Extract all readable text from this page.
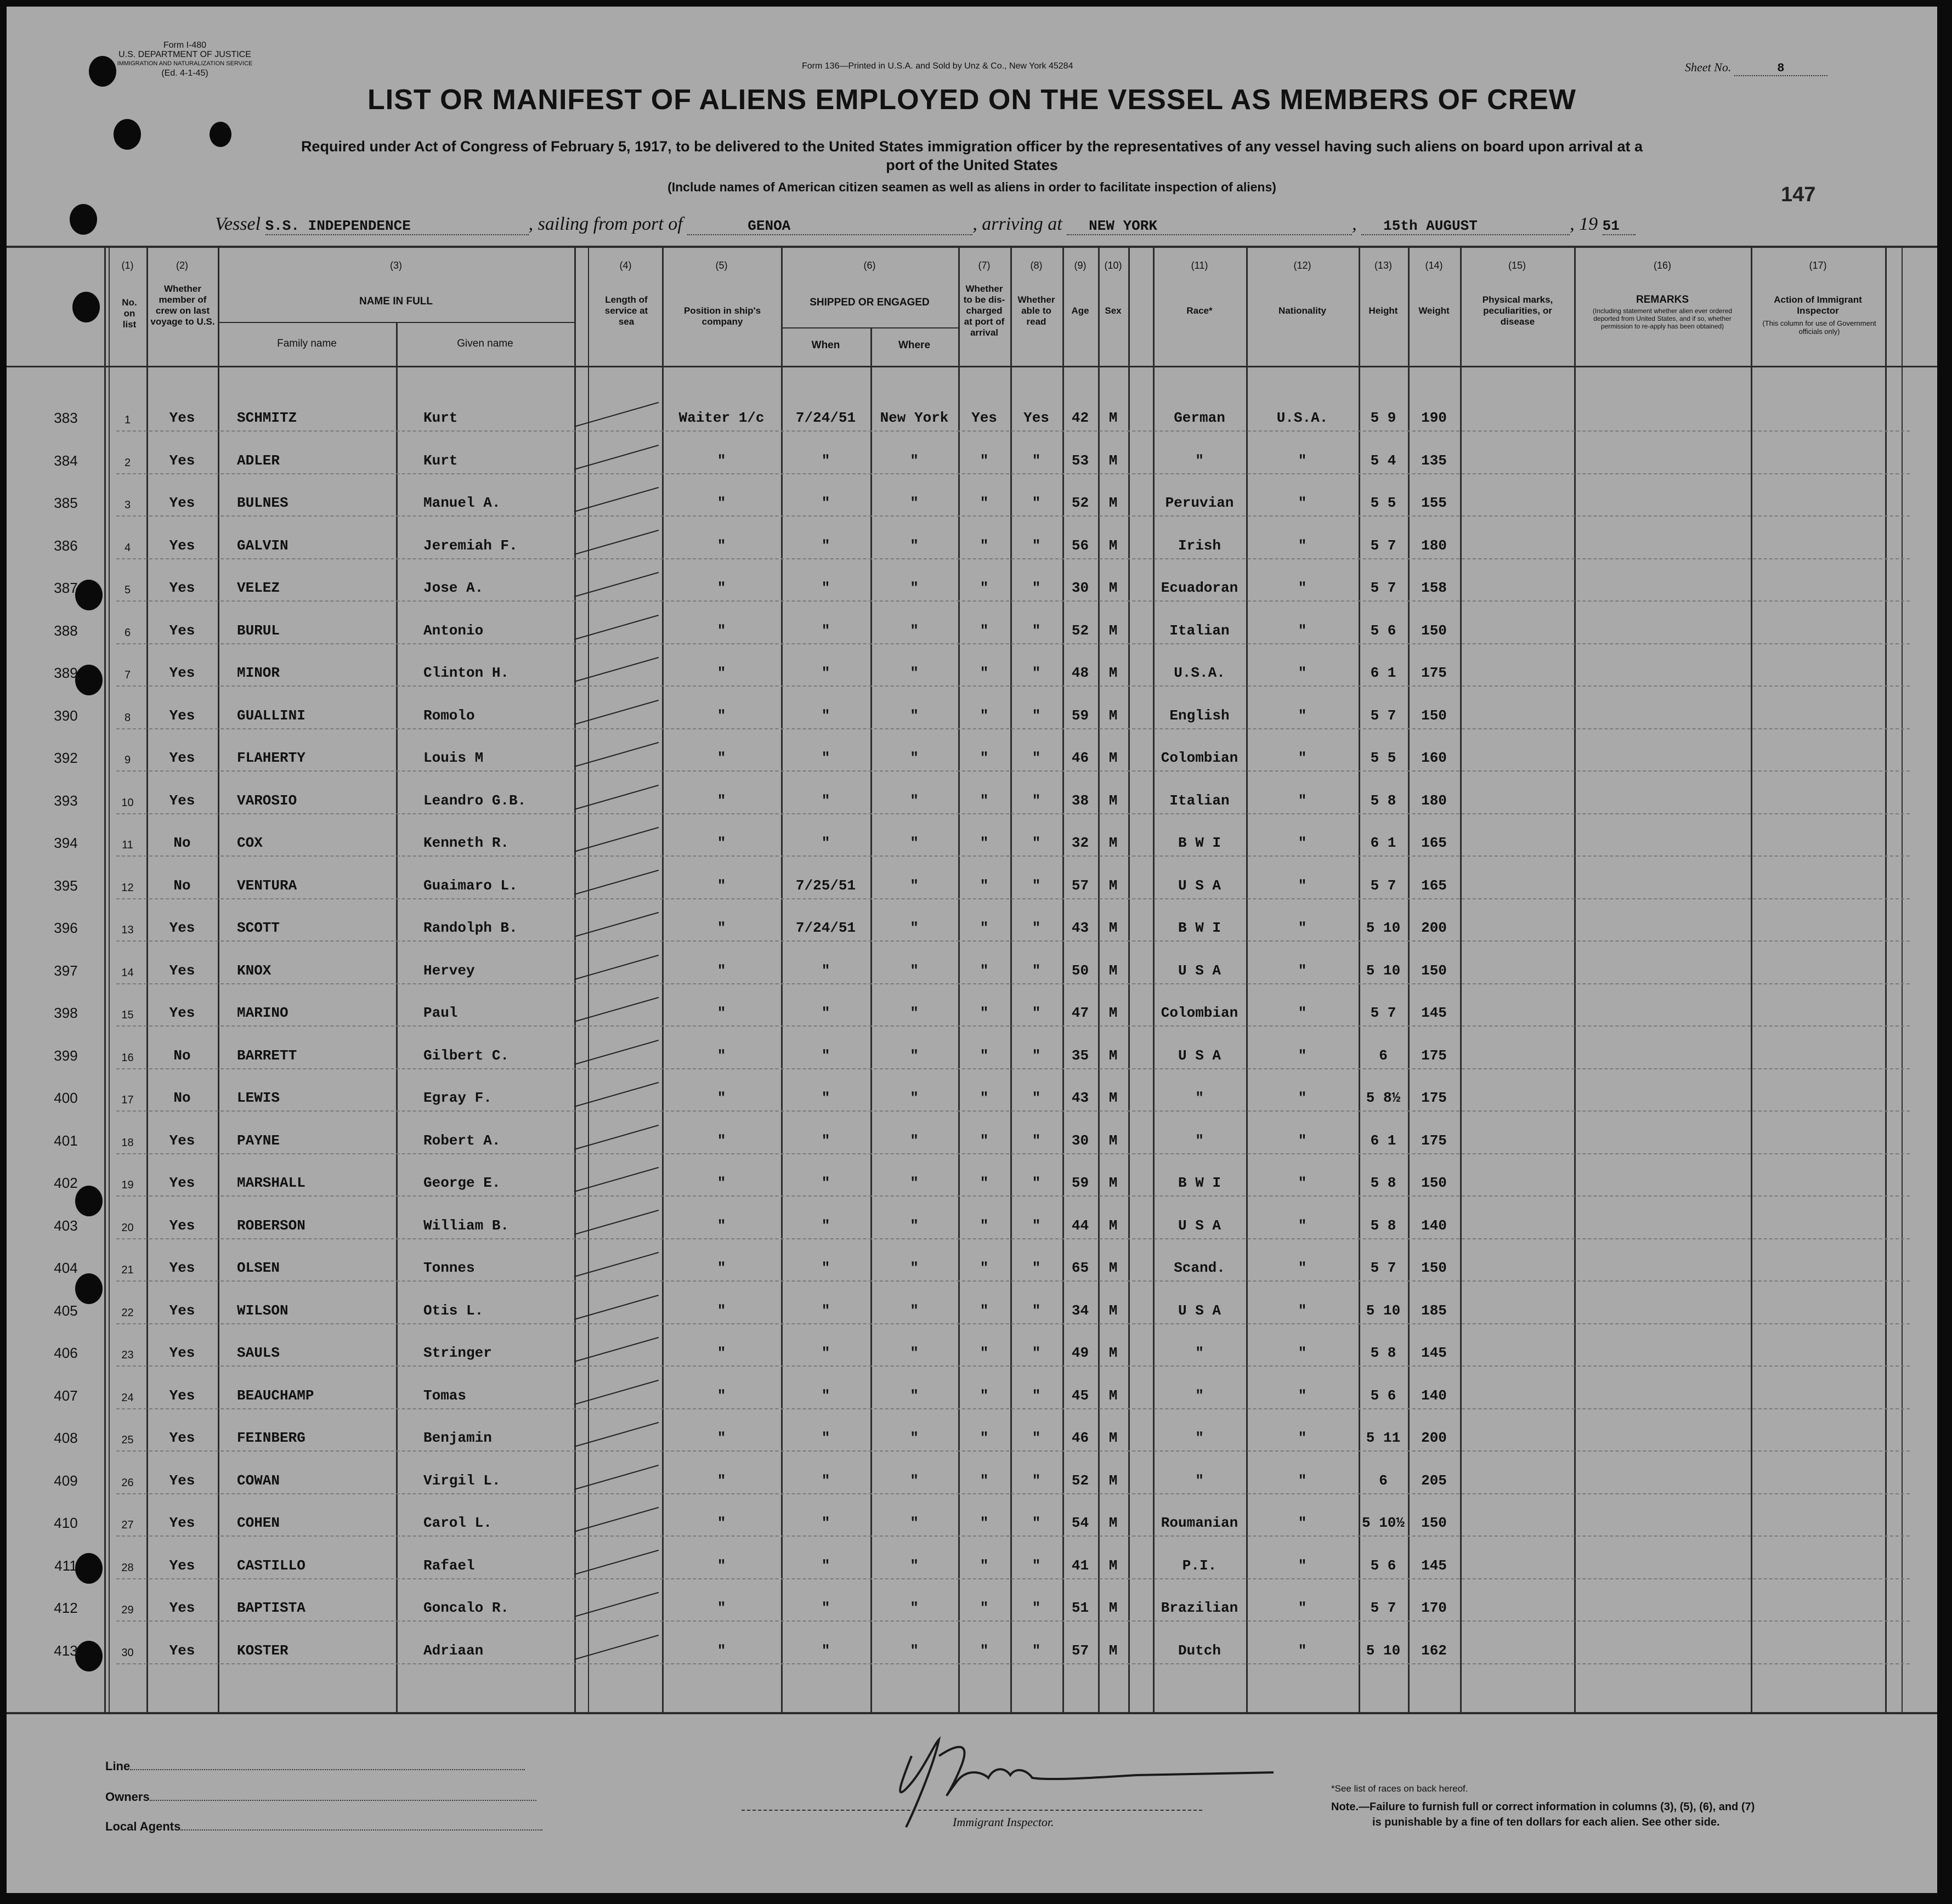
Form I-480
U.S. DEPARTMENT OF JUSTICE
IMMIGRATION AND NATURALIZATION SERVICE
(Ed. 4-1-45)
Form 136—Printed in U.S.A. and Sold by Unz & Co., New York 45284	Sheet No.	8
LIST OR MANIFEST OF ALIENS EMPLOYED ON THE VESSEL AS MEMBERS OF CREW
Required under Act of Congress of February 5, 1917, to be delivered to the United States immigration officer by the representatives of any vessel having such aliens on board upon arrival at a
port of the United States
(Include names of American citizen seamen as well as aliens in order to facilitate inspection of aliens)	147
Vessel S.S. INDEPENDENCE	, sailing from port of	GENOA	, arriving at NEW YORK	, 15th AUGUST	, 19 51
(1)	(2)	(3)	(4)	(5)	(6)	(7)	(8)	(9)	(10)	(11)	(12)	(13)	(14)	(15)	(16)	(17)
No. on list
Whether member of crew on last voyage to U.S.
NAME IN FULL
Family name	Given name
Length of service at sea
Position in ship's company
SHIPPED OR ENGAGED
When	Where
Whether to be dis-charged at port of arrival
Whether able to read
Age	Sex	Race*	Nationality	Height	Weight
Physical marks, peculiarities, or disease
REMARKS
(Including statement whether alien ever ordered deported from United States, and if so, whether permission to re-apply has been obtained)
Action of Immigrant Inspector
(This column for use of Government officials only)
383	1	Yes	SCHMITZ	Kurt	Waiter 1/c	7/24/51	New York	Yes	Yes	42	M	German	U.S.A.	5 9	190
384	2	Yes	ADLER	Kurt	"	"	"	"	"	53	M	"	"	5 4	135
385	3	Yes	BULNES	Manuel A.	"	"	"	"	"	52	M	Peruvian	"	5 5	155
386	4	Yes	GALVIN	Jeremiah F.	"	"	"	"	"	56	M	Irish	"	5 7	180
387	5	Yes	VELEZ	Jose A.	"	"	"	"	"	30	M	Ecuadoran	"	5 7	158
388	6	Yes	BURUL	Antonio	"	"	"	"	"	52	M	Italian	"	5 6	150
389	7	Yes	MINOR	Clinton H.	"	"	"	"	"	48	M	U.S.A.	"	6 1	175
390	8	Yes	GUALLINI	Romolo	"	"	"	"	"	59	M	English	"	5 7	150
392	9	Yes	FLAHERTY	Louis M	"	"	"	"	"	46	M	Colombian	"	5 5	160
393	10	Yes	VAROSIO	Leandro G.B.	"	"	"	"	"	38	M	Italian	"	5 8	180
394	11	No	COX	Kenneth R.	"	"	"	"	"	32	M	B W I	"	6 1	165
395	12	No	VENTURA	Guaimaro L.	"	7/25/51	"	"	"	57	M	U S A	"	5 7	165
396	13	Yes	SCOTT	Randolph B.	"	7/24/51	"	"	"	43	M	B W I	"	5 10	200
397	14	Yes	KNOX	Hervey	"	"	"	"	"	50	M	U S A	"	5 10	150
398	15	Yes	MARINO	Paul	"	"	"	"	"	47	M	Colombian	"	5 7	145
399	16	No	BARRETT	Gilbert C.	"	"	"	"	"	35	M	U S A	"	6	175
400	17	No	LEWIS	Egray F.	"	"	"	"	"	43	M	"	"	5 8½	175
401	18	Yes	PAYNE	Robert A.	"	"	"	"	"	30	M	"	"	6 1	175
402	19	Yes	MARSHALL	George E.	"	"	"	"	"	59	M	B W I	"	5 8	150
403	20	Yes	ROBERSON	William B.	"	"	"	"	"	44	M	U S A	"	5 8	140
404	21	Yes	OLSEN	Tonnes	"	"	"	"	"	65	M	Scand.	"	5 7	150
405	22	Yes	WILSON	Otis L.	"	"	"	"	"	34	M	U S A	"	5 10	185
406	23	Yes	SAULS	Stringer	"	"	"	"	"	49	M	"	"	5 8	145
407	24	Yes	BEAUCHAMP	Tomas	"	"	"	"	"	45	M	"	"	5 6	140
408	25	Yes	FEINBERG	Benjamin	"	"	"	"	"	46	M	"	"	5 11	200
409	26	Yes	COWAN	Virgil L.	"	"	"	"	"	52	M	"	"	6	205
410	27	Yes	COHEN	Carol L.	"	"	"	"	"	54	M	Roumanian	"	5 10½	150
411	28	Yes	CASTILLO	Rafael	"	"	"	"	"	41	M	P.I.	"	5 6	145
412	29	Yes	BAPTISTA	Goncalo R.	"	"	"	"	"	51	M	Brazilian	"	5 7	170
413	30	Yes	KOSTER	Adriaan	"	"	"	"	"	57	M	Dutch	"	5 10	162
Line
Owners
Local Agents	Immigrant Inspector.
*See list of races on back hereof.
Note.—Failure to furnish full or correct information in columns (3), (5), (6), and (7)
is punishable by a fine of ten dollars for each alien. See other side.
